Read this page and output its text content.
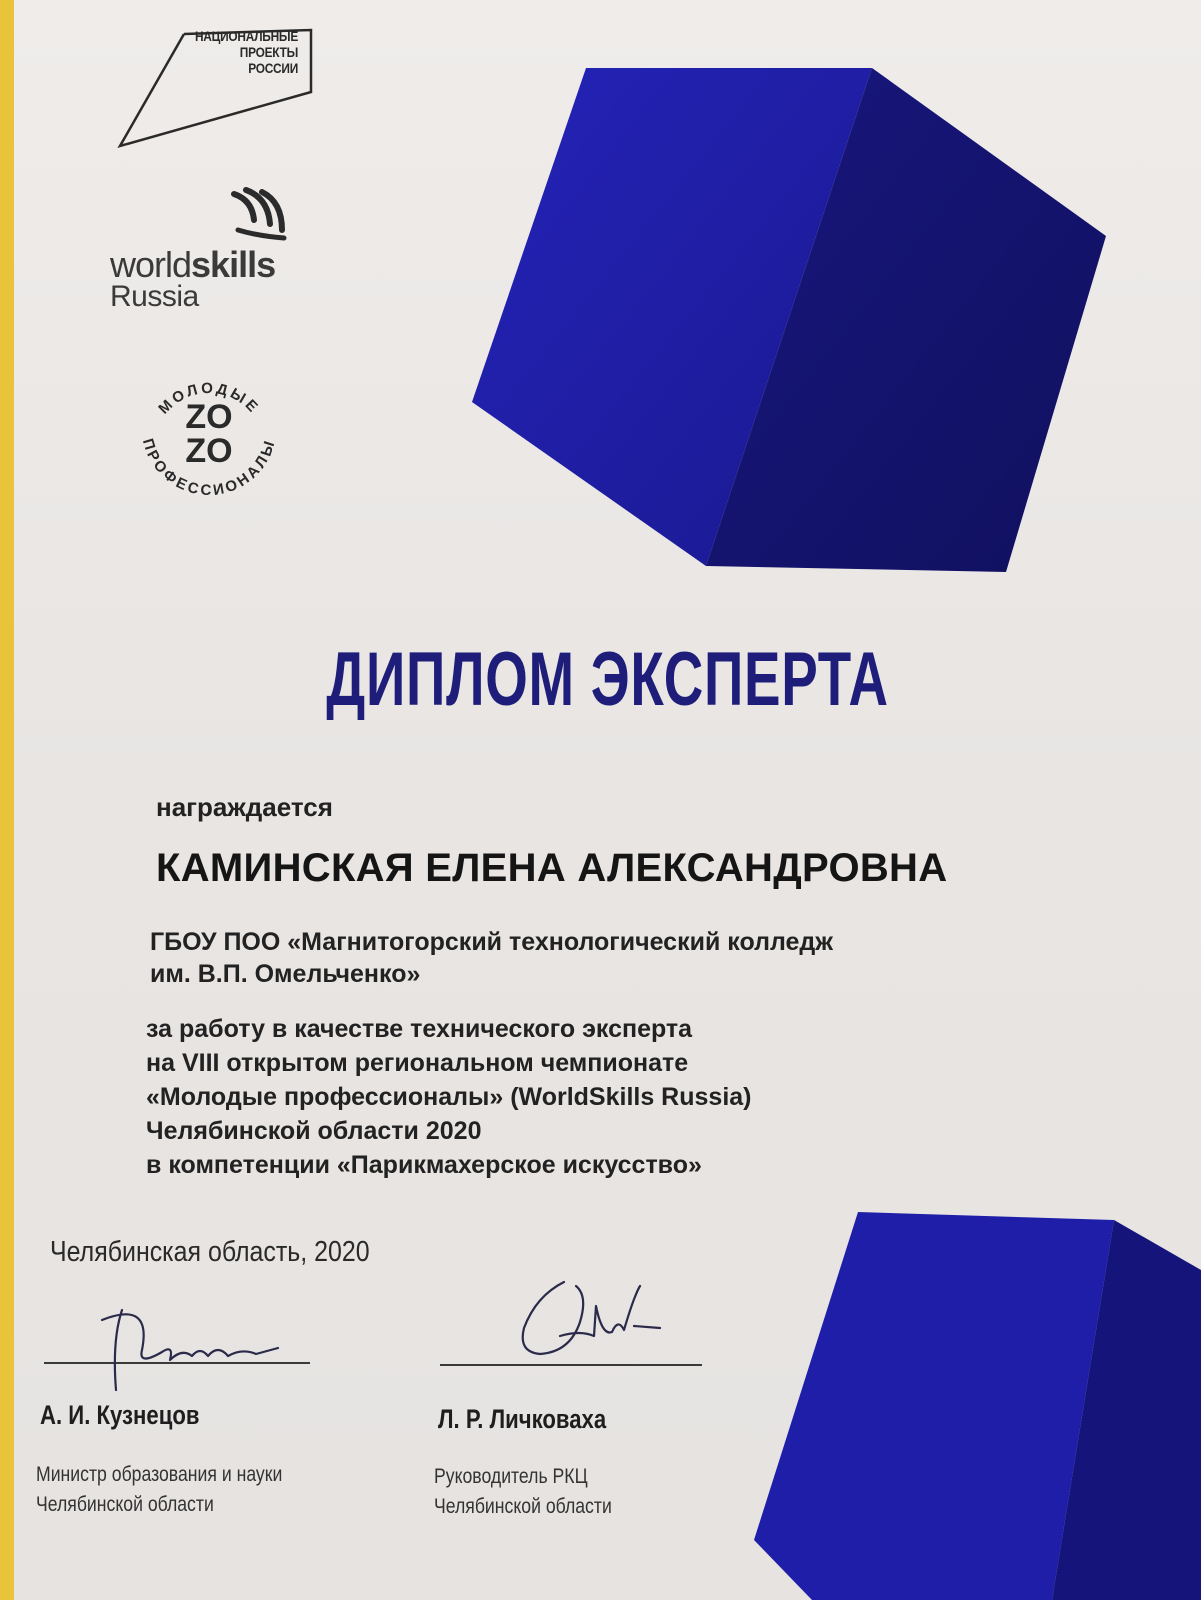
НАЦИОНАЛЬНЫЕ
ПРОЕКТЫ
РОССИИ
worldskills
Russia
МОЛОДЫЕ
ПРОФЕССИОНАЛЫ
ZO
ZO
ДИПЛОМ ЭКСПЕРТА
награждается
КАМИНСКАЯ ЕЛЕНА АЛЕКСАНДРОВНА
ГБОУ ПОО «Магнитогорский технологический колледж
им. В.П. Омельченко»
за работу в качестве технического эксперта
на VIII открытом региональном чемпионате
«Молодые профессионалы» (WorldSkills Russia)
Челябинской области 2020
в компетенции «Парикмахерское искусство»
Челябинская область, 2020
А. И. Кузнецов
Министр образования и науки
Челябинской области
Л. Р. Личковаха
Руководитель РКЦ
Челябинской области
